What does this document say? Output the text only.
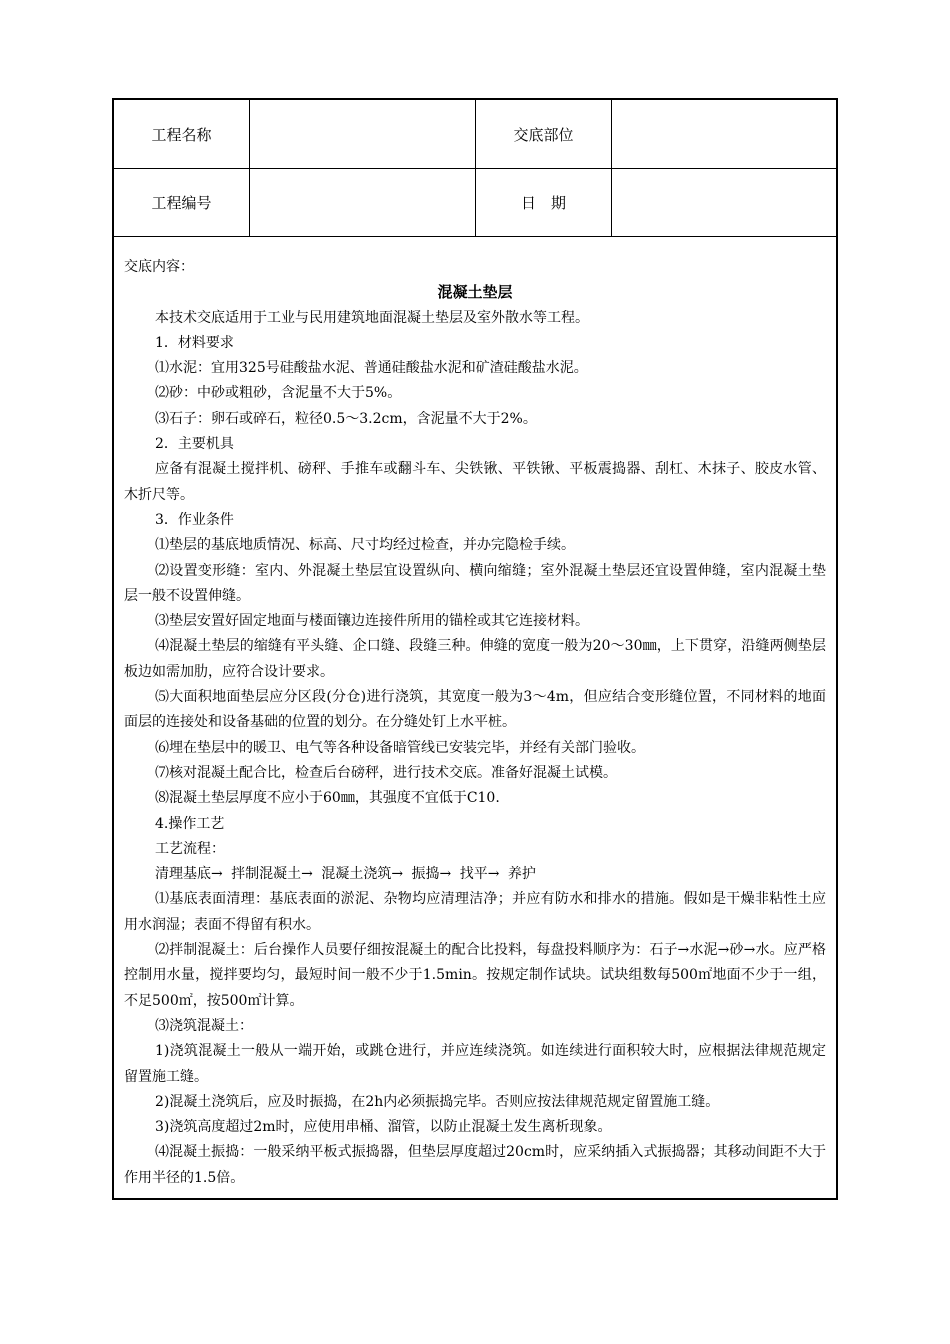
工程名称	交底部位
工程编号	日　期

交底内容：

混凝土垫层

本技术交底适用于工业与民用建筑地面混凝土垫层及室外散水等工程。

1．材料要求

⑴水泥：宜用325号硅酸盐水泥、普通硅酸盐水泥和矿渣硅酸盐水泥。

⑵砂：中砂或粗砂，含泥量不大于5%。

⑶石子：卵石或碎石，粒径0.5～3.2cm，含泥量不大于2%。

2．主要机具

应备有混凝土搅拌机、磅秤、手推车或翻斗车、尖铁锹、平铁锹、平板震捣器、刮杠、木抹子、胶皮水管、木折尺等。

3．作业条件

⑴垫层的基底地质情况、标高、尺寸均经过检查，并办完隐检手续。

⑵设置变形缝：室内、外混凝土垫层宜设置纵向、横向缩缝；室外混凝土垫层还宜设置伸缝，室内混凝土垫层一般不设置伸缝。

⑶垫层安置好固定地面与楼面镶边连接件所用的锚栓或其它连接材料。

⑷混凝土垫层的缩缝有平头缝、企口缝、段缝三种。伸缝的宽度一般为20～30㎜，上下贯穿，沿缝两侧垫层板边如需加肋，应符合设计要求。

⑸大面积地面垫层应分区段(分仓)进行浇筑，其宽度一般为3～4m，但应结合变形缝位置，不同材料的地面面层的连接处和设备基础的位置的划分。在分缝处钉上水平桩。

⑹埋在垫层中的暖卫、电气等各种设备暗管线已安装完毕，并经有关部门验收。

⑺核对混凝土配合比，检查后台磅秤，进行技术交底。准备好混凝土试模。

⑻混凝土垫层厚度不应小于60㎜，其强度不宜低于C10.

4.操作工艺

工艺流程：

清理基底→ 拌制混凝土→ 混凝土浇筑→ 振捣→ 找平→ 养护

⑴基底表面清理：基底表面的淤泥、杂物均应清理洁净；并应有防水和排水的措施。假如是干燥非粘性土应用水润湿；表面不得留有积水。

⑵拌制混凝土：后台操作人员要仔细按混凝土的配合比投料，每盘投料顺序为：石子→水泥→砂→水。应严格控制用水量，搅拌要均匀，最短时间一般不少于1.5min。按规定制作试块。试块组数每500㎡地面不少于一组，不足500㎡，按500㎡计算。

⑶浇筑混凝土：

1)浇筑混凝土一般从一端开始，或跳仓进行，并应连续浇筑。如连续进行面积较大时，应根据法律规范规定留置施工缝。

2)混凝土浇筑后，应及时振捣，在2h内必须振捣完毕。否则应按法律规范规定留置施工缝。

3)浇筑高度超过2m时，应使用串桶、溜管，以防止混凝土发生离析现象。

⑷混凝土振捣：一般采纳平板式振捣器，但垫层厚度超过20cm时，应采纳插入式振捣器；其移动间距不大于作用半径的1.5倍。
